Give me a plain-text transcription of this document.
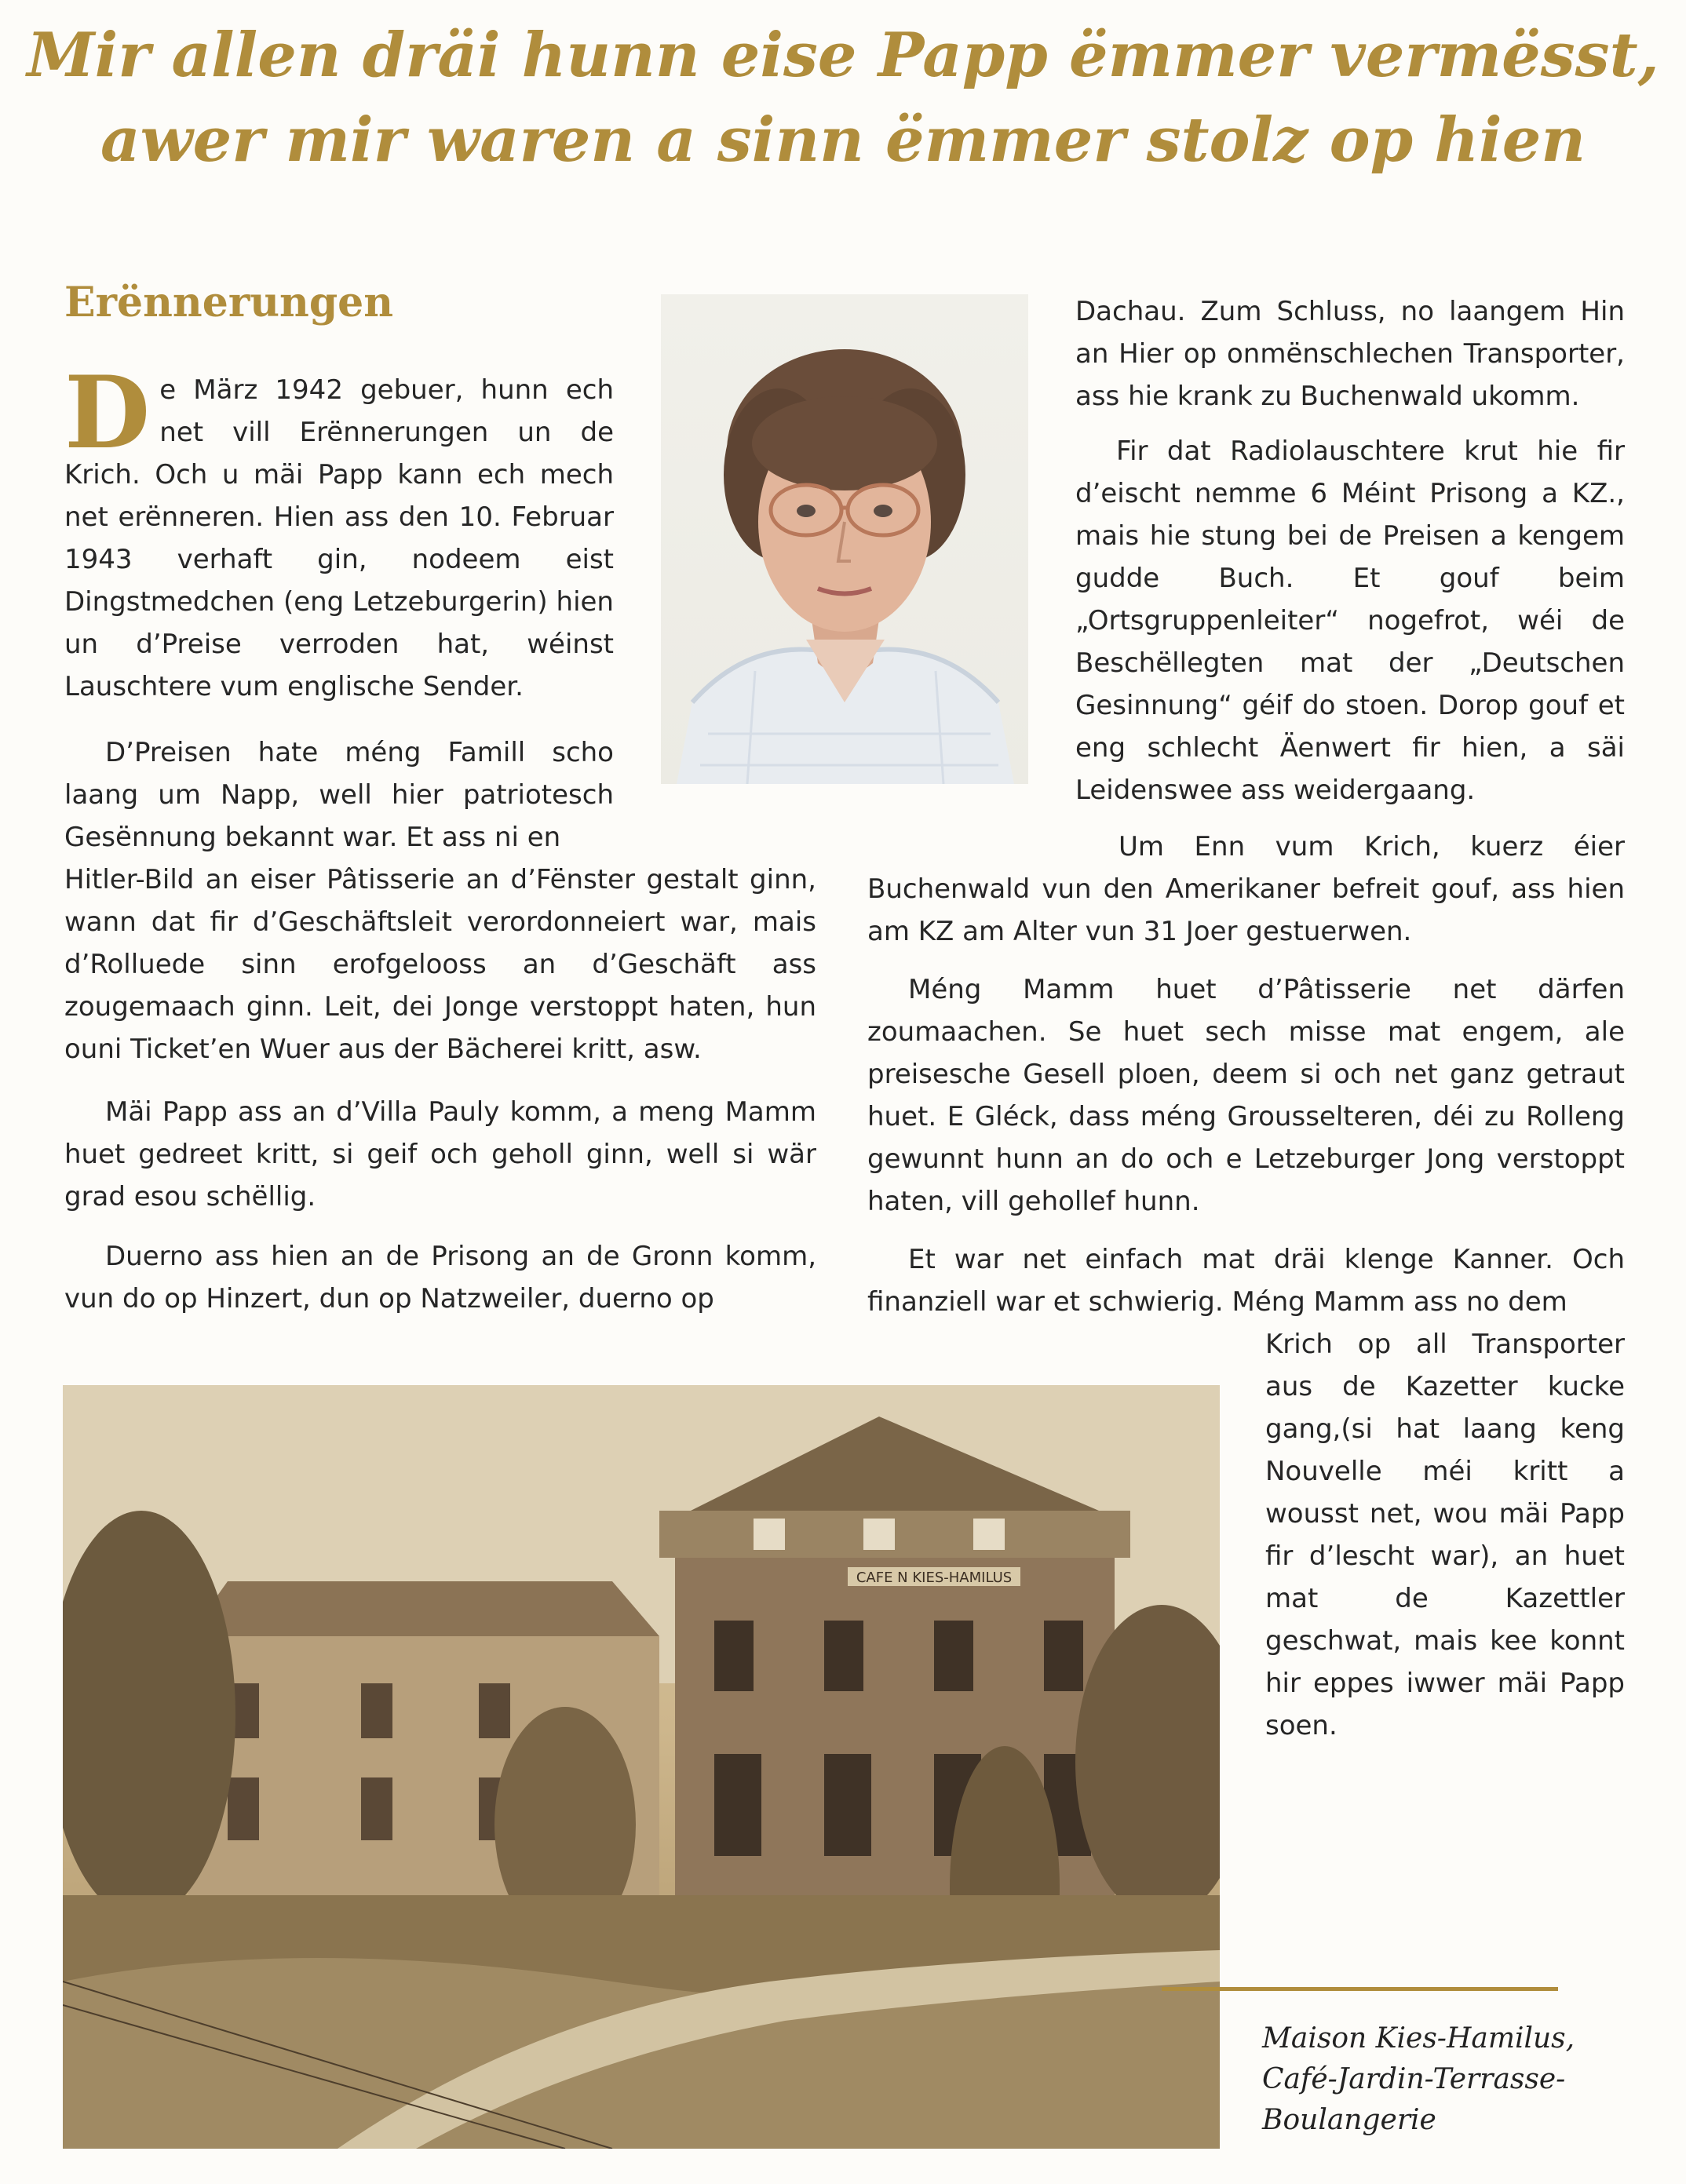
Mir allen dräi hunn eise Papp ëmmer vermësst,
awer mir waren a sinn ëmmer stolz op hien
Erënnerungen
De März 1942 gebuer, hunn ech net vill Erënnerungen un de Krich. Och u mäi Papp kann ech mech net erënneren. Hien ass den 10. Februar 1943 verhaft gin, nodeem eist Dingstmedchen (eng Letzeburgerin) hien un d’Preise verroden hat, wéinst Lauschtere vum englische Sender.

D’Preisen hate méng Famill scho laang um Napp, well hier patriotesch Gesënnung bekannt war. Et ass ni en

Hitler-Bild an eiser Pâtisserie an d’Fënster gestalt ginn, wann dat fir d’Geschäftsleit verordonneiert war, mais d’Rolluede sinn erofgelooss an d’Geschäft ass zougemaach ginn. Leit, dei Jonge verstoppt haten, hun ouni Ticket’en Wuer aus der Bächerei kritt, asw.

Mäi Papp ass an d’Villa Pauly komm, a meng Mamm huet gedreet kritt, si geif och geholl ginn, well si wär grad esou schëllig.

Duerno ass hien an de Prisong an de Gronn komm, vun do op Hinzert, dun op Natzweiler, duerno op

Dachau. Zum Schluss, no laangem Hin an Hier op onmënschlechen Transporter, ass hie krank zu Buchenwald ukomm.

Fir dat Radiolauschtere krut hie fir d’eischt nemme 6 Méint Prisong a KZ., mais hie stung bei de Preisen a kengem gudde Buch. Et gouf beim „Ortsgruppenleiter“ nogefrot, wéi de Beschëllegten mat der „Deutschen Gesinnung“ géif do stoen. Dorop gouf et eng schlecht Äenwert fir hien, a säi Leidenswee ass weidergaang.

Um Enn vum Krich, kuerz éier Buchenwald vun den Amerikaner befreit gouf, ass hien am KZ am Alter vun 31 Joer gestuerwen.

Méng Mamm huet d’Pâtisserie net därfen zoumaachen. Se huet sech misse mat engem, ale preisesche Gesell ploen, deem si och net ganz getraut huet. E Gléck, dass méng Grousselteren, déi zu Rolleng gewunnt hunn an do och e Letzeburger Jong verstoppt haten, vill gehollef hunn.

Et war net einfach mat dräi klenge Kanner. Och finanziell war et schwierig. Méng Mamm ass no dem

Krich op all Transporter aus de Kazetter kucke gang,(si hat laang keng Nouvelle méi kritt a wousst net, wou mäi Papp fir d’lescht war), an huet mat de Kazettler geschwat, mais kee konnt hir eppes iwwer mäi Papp soen.

CAFE N KIES-HAMILUS
Maison Kies-Hamilus,
Café-Jardin-Terrasse-
Boulangerie
